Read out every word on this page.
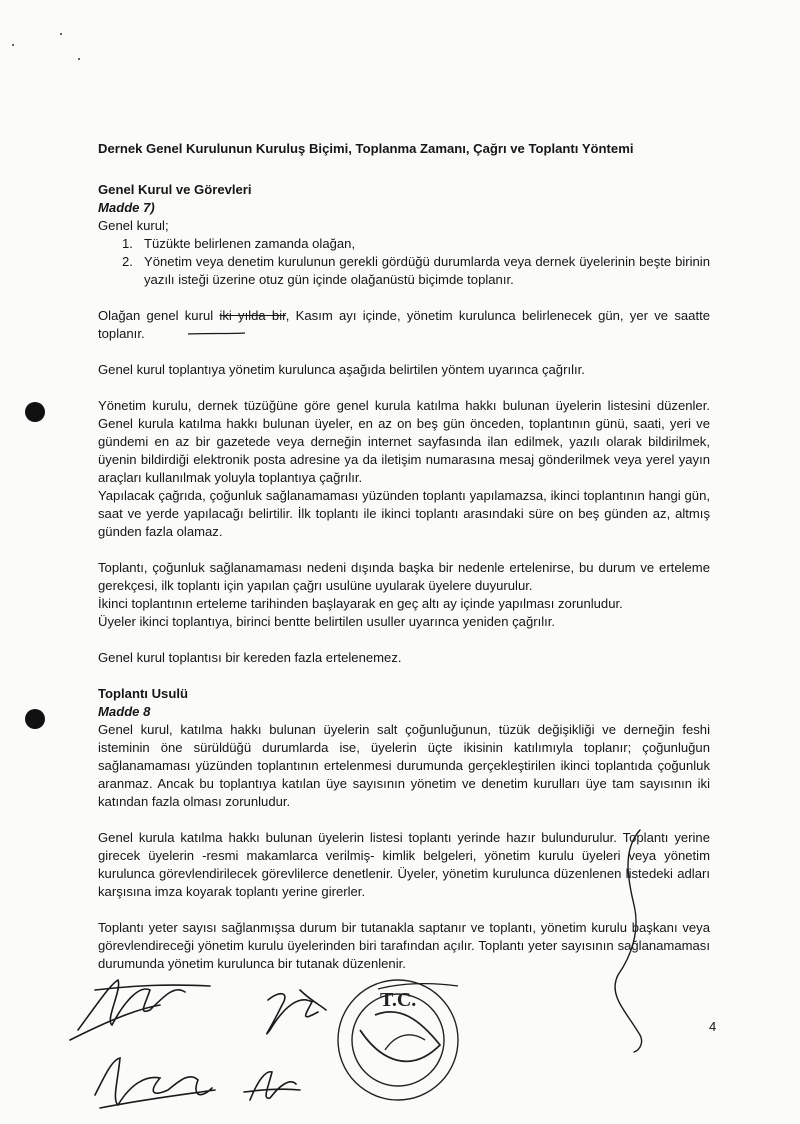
Dernek Genel Kurulunun Kuruluş Biçimi, Toplanma Zamanı, Çağrı ve Toplantı Yöntemi

Genel Kurul ve Görevleri

Madde 7)

Genel kurul;

1. Tüzükte belirlenen zamanda olağan,
2. Yönetim veya denetim kurulunun gerekli gördüğü durumlarda veya dernek üyelerinin beşte birinin yazılı isteği üzerine otuz gün içinde olağanüstü biçimde toplanır.

Olağan genel kurul iki yılda bir, Kasım ayı içinde, yönetim kurulunca belirlenecek gün, yer ve saatte toplanır.

Genel kurul toplantıya yönetim kurulunca aşağıda belirtilen yöntem uyarınca çağrılır.

Yönetim kurulu, dernek tüzüğüne göre genel kurula katılma hakkı bulunan üyelerin listesini düzenler. Genel kurula katılma hakkı bulunan üyeler, en az on beş gün önceden, toplantının günü, saati, yeri ve gündemi en az bir gazetede veya derneğin internet sayfasında ilan edilmek, yazılı olarak bildirilmek, üyenin bildirdiği elektronik posta adresine ya da iletişim numarasına mesaj gönderilmek veya yerel yayın araçları kullanılmak yoluyla toplantıya çağrılır.

Yapılacak çağrıda, çoğunluk sağlanamaması yüzünden toplantı yapılamazsa, ikinci toplantının hangi gün, saat ve yerde yapılacağı belirtilir. İlk toplantı ile ikinci toplantı arasındaki süre on beş günden az, altmış günden fazla olamaz.

Toplantı, çoğunluk sağlanamaması nedeni dışında başka bir nedenle ertelenirse, bu durum ve erteleme gerekçesi, ilk toplantı için yapılan çağrı usulüne uyularak üyelere duyurulur.

İkinci toplantının erteleme tarihinden başlayarak en geç altı ay içinde yapılması zorunludur.

Üyeler ikinci toplantıya, birinci bentte belirtilen usuller uyarınca yeniden çağrılır.

Genel kurul toplantısı bir kereden fazla ertelenemez.

Toplantı Usulü

Madde 8

Genel kurul, katılma hakkı bulunan üyelerin salt çoğunluğunun, tüzük değişikliği ve derneğin feshi isteminin öne sürüldüğü durumlarda ise, üyelerin üçte ikisinin katılımıyla toplanır; çoğunluğun sağlanamaması yüzünden toplantının ertelenmesi durumunda gerçekleştirilen ikinci toplantıda çoğunluk aranmaz. Ancak bu toplantıya katılan üye sayısının yönetim ve denetim kurulları üye tam sayısının iki katından fazla olması zorunludur.

Genel kurula katılma hakkı bulunan üyelerin listesi toplantı yerinde hazır bulundurulur. Toplantı yerine girecek üyelerin -resmi makamlarca verilmiş- kimlik belgeleri, yönetim kurulu üyeleri veya yönetim kurulunca görevlendirilecek görevlilerce denetlenir. Üyeler, yönetim kurulunca düzenlenen listedeki adları karşısına imza koyarak toplantı yerine girerler.

Toplantı yeter sayısı sağlanmışsa durum bir tutanakla saptanır ve toplantı, yönetim kurulu başkanı veya görevlendireceği yönetim kurulu üyelerinden biri tarafından açılır. Toplantı yeter sayısının sağlanamaması durumunda yönetim kurulunca bir tutanak düzenlenir.

4
T.C.
